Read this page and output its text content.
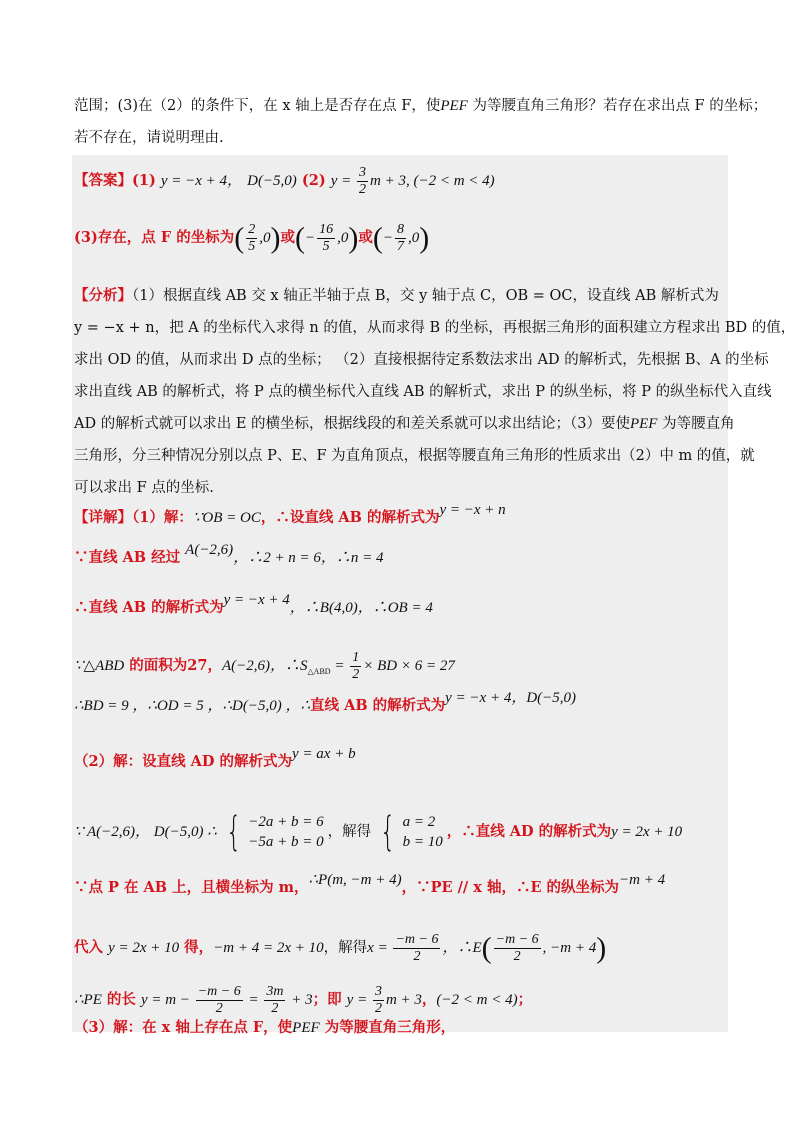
范围；(3)在（2）的条件下，在 x 轴上是否存在点 F，使PEF 为等腰直角三角形？若存在求出点 F 的坐标；
若不存在，请说明理由.
【答案】(1) y = −x + 4， D(−5,0) (2) $y = \frac{3}{2}$ m + 3, (−2 < m < 4)
(3)存在，点 F 的坐标为( $\frac{2}{5} ,0$)或(− $\frac{16}{5} ,0$)或(− $\frac{8}{7} ,0$)
【分析】（1）根据直线 AB 交 x 轴正半轴于点 B，交 y 轴于点 C，OB = OC，设直线 AB 解析式为
y = −x + n，把 A 的坐标代入求得 n 的值，从而求得 B 的坐标，再根据三角形的面积建立方程求出 BD 的值，
求出 OD 的值，从而求出 D 点的坐标； （2）直接根据待定系数法求出 AD 的解析式，先根据 B、A 的坐标
求出直线 AB 的解析式，将 P 点的横坐标代入直线 AB 的解析式，求出 P 的纵坐标，将 P 的纵坐标代入直线
AD 的解析式就可以求出 E 的横坐标，根据线段的和差关系就可以求出结论；（3）要使PEF 为等腰直角
三角形，分三种情况分别以点 P、E、F 为直角顶点，根据等腰直角三角形的性质求出（2）中 m 的值，就
可以求出 F 点的坐标.
【详解】（1）解：∵OB = OC，∴设直线 AB 的解析式为y = −x + n
∵直线 AB 经过 A(−2,6)，∴2 + n = 6，∴n = 4
∴直线 AB 的解析式为y = −x + 4，∴B(4,0)，∴OB = 4
∵△ABD 的面积为27，A(−2,6)，$\therefore S_{\triangle ABD} = \frac{1}{2}$ × BD × 6 = 27
∴BD = 9 ，∴OD = 5 ，∴D(−5,0) ，∴直线 AB 的解析式为y = −x + 4，D(−5,0)
（2）解：设直线 AD 的解析式为y = ax + b
∵ A(−2,6)， D(−5,0) ∴ { −2a + b = 6
−5a + b = 0
，解得 { a = 2
b = 10
，∴直线 AD 的解析式为y = 2x + 10
∵点 P 在 AB 上，且横坐标为 m，∴P(m, −m + 4)，∵PE // x 轴，∴E 的纵坐标为−m + 4
代入 y = 2x + 10 得，−m + 4 = 2x + 10，解得$x = \frac{-m - 6}{2}$ ，∴E( $\frac{-m - 6}{2}$ , −m + 4)
∴PE 的长 $y = m - \frac{-m - 6}{2} = \frac{3m}{2} + 3$；即 $y = \frac{3}{2}$ m + 3，(−2 < m < 4)；
（3）解：在 x 轴上存在点 F，使PEF 为等腰直角三角形，
